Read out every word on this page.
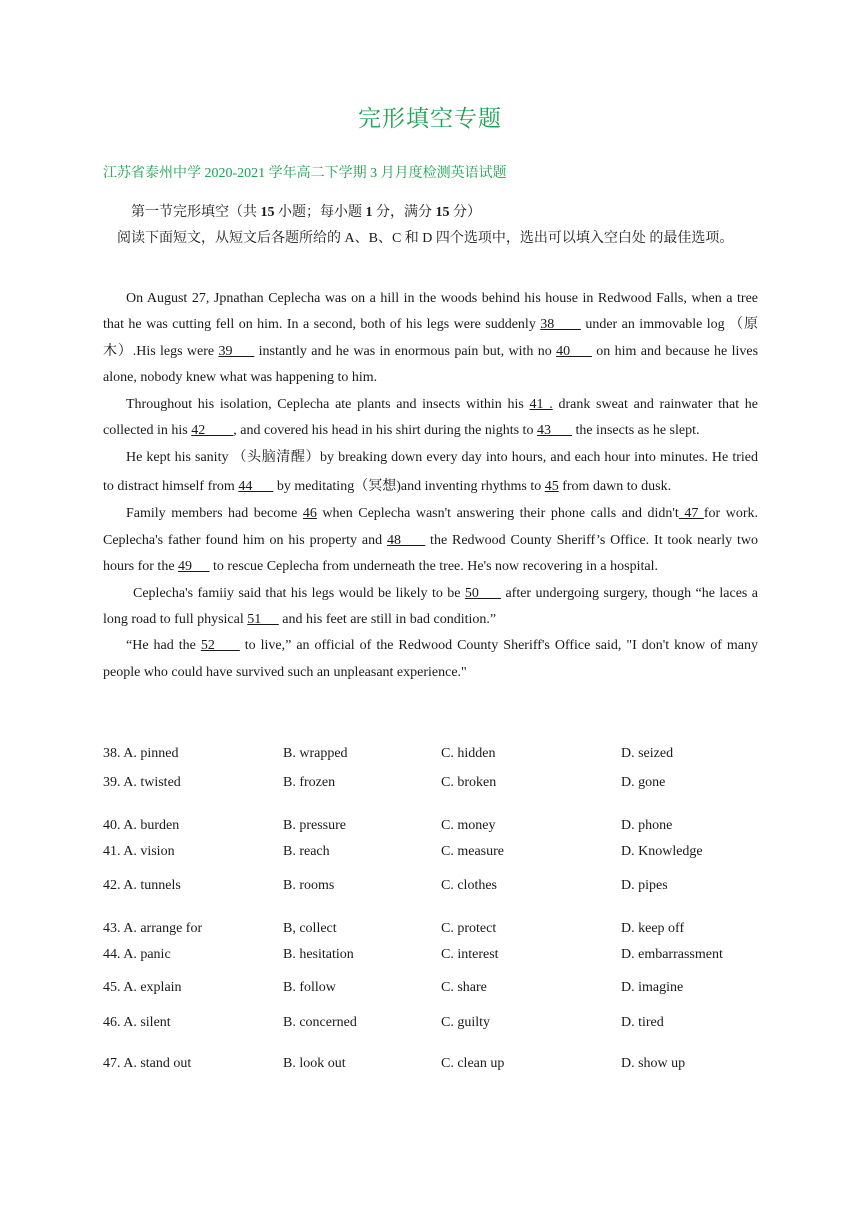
完形填空专题
江苏省泰州中学 2020-2021 学年高二下学期 3 月月度检测英语试题

第一节完形填空（共 15 小题；每小题 1 分，满分 15 分）

阅读下面短文，从短文后各题所给的 A、B、C 和 D 四个选项中，选出可以填入空白处 的最佳选项。

On August 27, Jpnathan Ceplecha was on a hill in the woods behind his house in Redwood Falls, when a tree that he was cutting fell on him. In a second, both of his legs were suddenly 38       under an immovable log （原木）.His legs were 39      instantly and he was in enormous pain but, with no 40      on him and because he lives alone, nobody knew what was happening to him.

Throughout his isolation, Ceplecha ate plants and insects within his 41 . drank sweat and rainwater that he collected in his 42        , and covered his head in his shirt during the nights to 43       the insects as he slept.

He kept his sanity （头脑清醒）by breaking down every day into hours, and each hour into minutes. He tried to distract himself from 44       by meditating（冥想)and inventing rhythms to 45 from dawn to dusk.

Family members had become 46 when Ceplecha wasn't answering their phone calls and didn't 47 for work. Ceplecha's father found him on his property and 48      the Redwood County Sheriff’s Office. It took nearly two hours for the 49      to rescue Ceplecha from underneath the tree. He's now recovering in a hospital.

Ceplecha's famiiy said that his legs would be likely to be 50      after undergoing surgery, though “he laces a long road to full physical 51      and his feet are still in bad condition.”

“He had the 52      to live,” an official of the Redwood County Sheriff's Office said, "I don't know of many people who could have survived such an unpleasant experience."

38. A. pinned	B. wrapped	C. hidden	D. seized
39. A. twisted	B. frozen	C. broken	D. gone
40. A. burden	B. pressure	C. money	D. phone
41. A. vision	B. reach	C. measure	D. Knowledge
42. A. tunnels	B. rooms	C. clothes	D. pipes
43. A. arrange for	B, collect	C. protect	D. keep off
44. A. panic	B. hesitation	C. interest	D. embarrassment
45. A. explain	B. follow	C. share	D. imagine
46. A. silent	B. concerned	C. guilty	D. tired
47. A. stand out	B. look out	C. clean up	D. show up
